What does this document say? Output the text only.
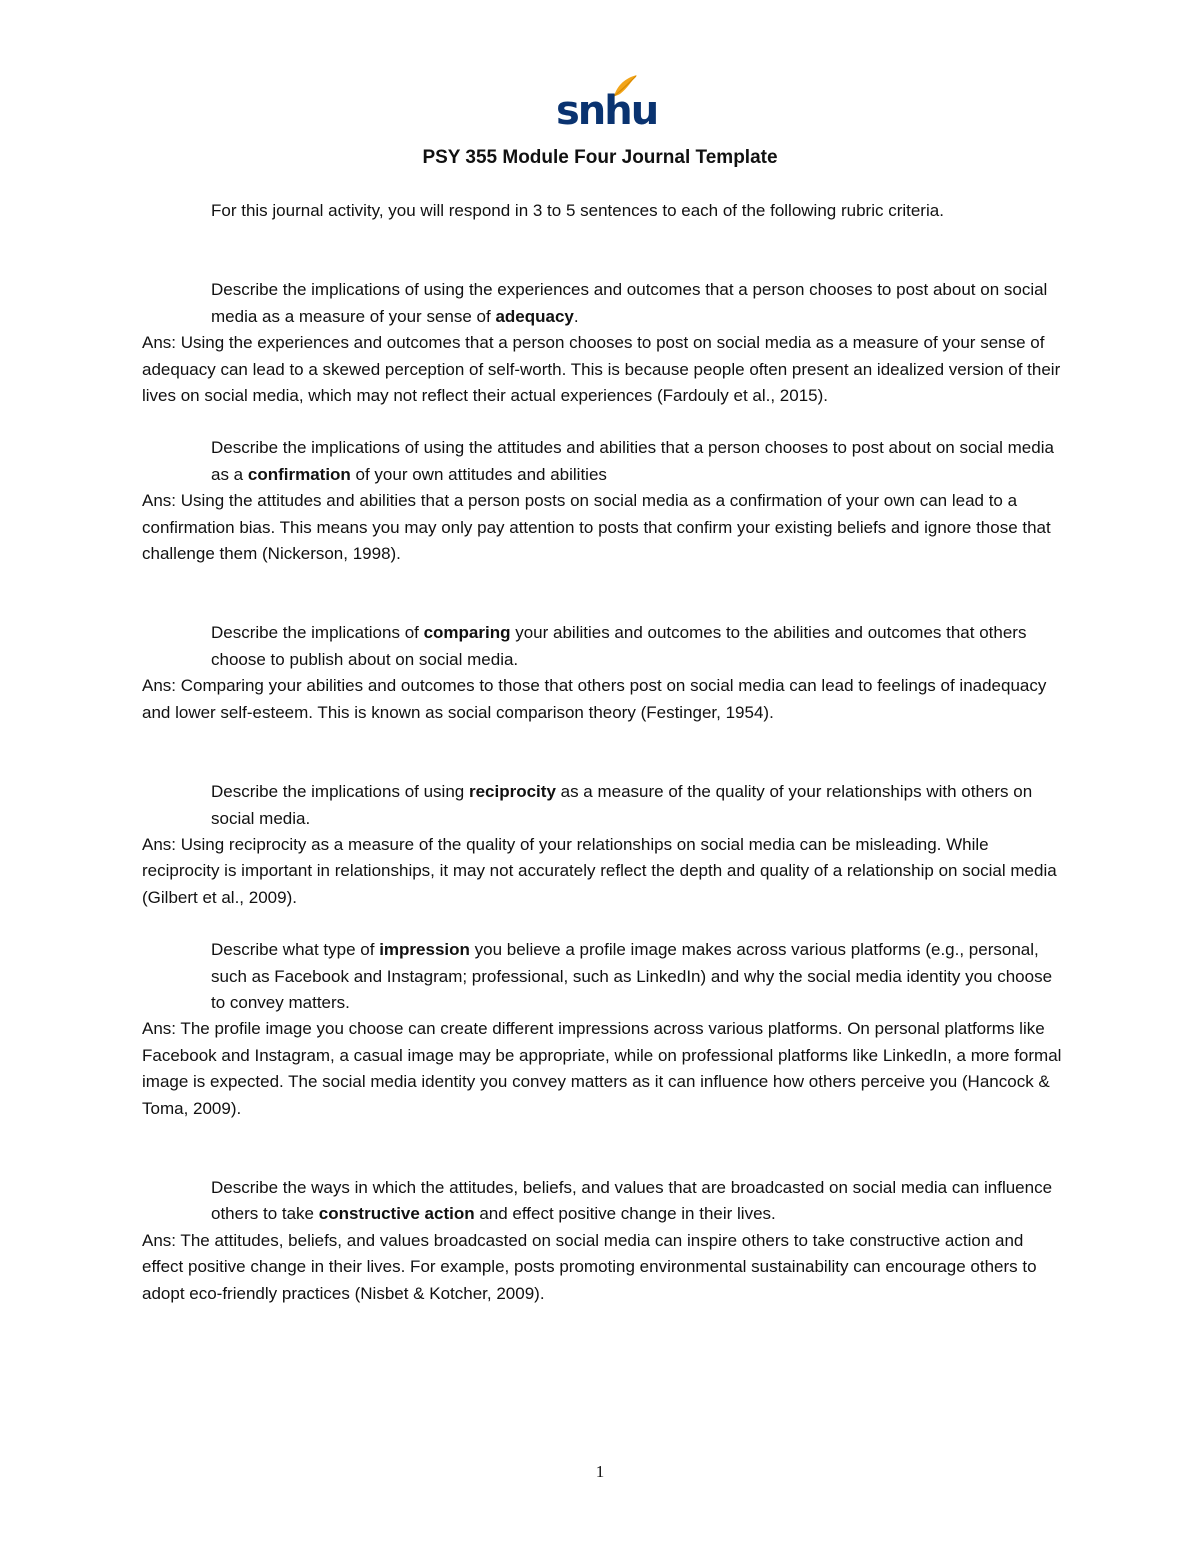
snhu
PSY 355 Module Four Journal Template

For this journal activity, you will respond in 3 to 5 sentences to each of the following rubric criteria.

Describe the implications of using the experiences and outcomes that a person chooses to post about on social media as a measure of your sense of adequacy.

Ans: Using the experiences and outcomes that a person chooses to post on social media as a measure of your sense of adequacy can lead to a skewed perception of self-worth. This is because people often present an idealized version of their lives on social media, which may not reflect their actual experiences (Fardouly et al., 2015).

Describe the implications of using the attitudes and abilities that a person chooses to post about on social media as a confirmation of your own attitudes and abilities

Ans: Using the attitudes and abilities that a person posts on social media as a confirmation of your own can lead to a confirmation bias. This means you may only pay attention to posts that confirm your existing beliefs and ignore those that challenge them (Nickerson, 1998).

Describe the implications of comparing your abilities and outcomes to the abilities and outcomes that others choose to publish about on social media.

Ans: Comparing your abilities and outcomes to those that others post on social media can lead to feelings of inadequacy and lower self-esteem. This is known as social comparison theory (Festinger, 1954).

Describe the implications of using reciprocity as a measure of the quality of your relationships with others on social media.

Ans: Using reciprocity as a measure of the quality of your relationships on social media can be misleading. While reciprocity is important in relationships, it may not accurately reflect the depth and quality of a relationship on social media (Gilbert et al., 2009).

Describe what type of impression you believe a profile image makes across various platforms (e.g., personal, such as Facebook and Instagram; professional, such as LinkedIn) and why the social media identity you choose to convey matters.

Ans: The profile image you choose can create different impressions across various platforms. On personal platforms like Facebook and Instagram, a casual image may be appropriate, while on professional platforms like LinkedIn, a more formal image is expected. The social media identity you convey matters as it can influence how others perceive you (Hancock & Toma, 2009).

Describe the ways in which the attitudes, beliefs, and values that are broadcasted on social media can influence others to take constructive action and effect positive change in their lives.

Ans: The attitudes, beliefs, and values broadcasted on social media can inspire others to take constructive action and effect positive change in their lives. For example, posts promoting environmental sustainability can encourage others to adopt eco-friendly practices (Nisbet & Kotcher, 2009).

1
